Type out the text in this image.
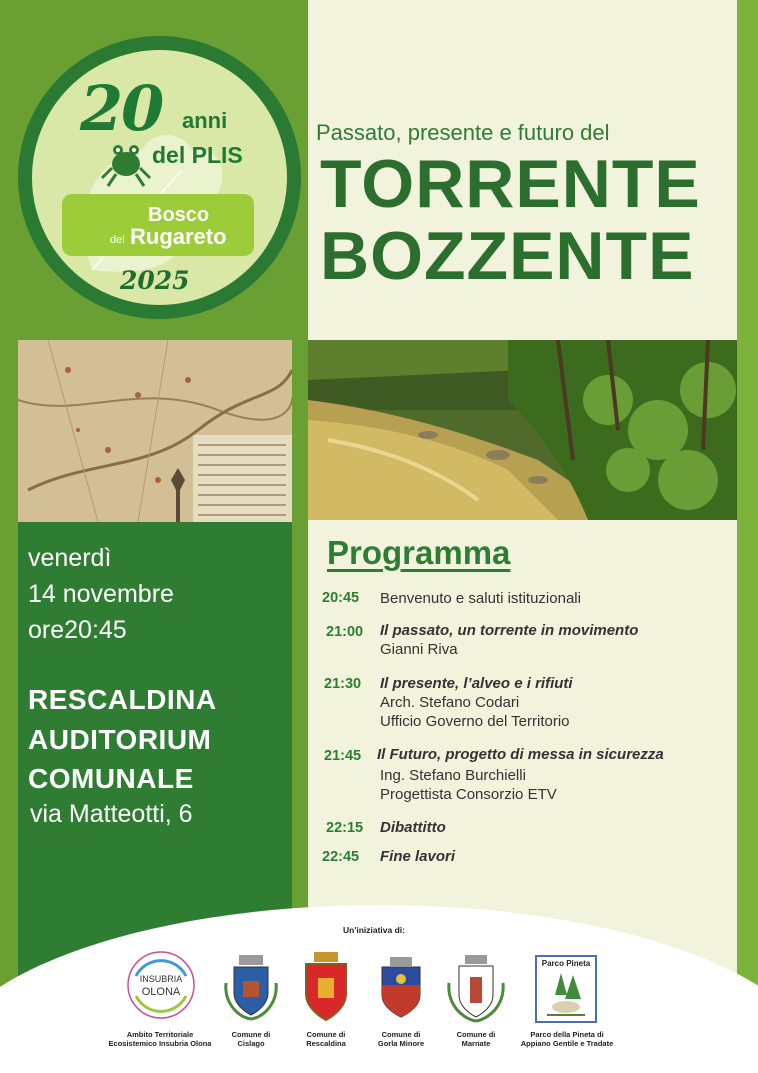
20 anni
del PLIS
Bosco
del Rugareto
2025
Passato, presente e futuro del
TORRENTE
BOZZENTE
venerdì
14 novembre
ore20:45
RESCALDINA
AUDITORIUM
COMUNALE
via Matteotti, 6
Programma
20:45 Benvenuto e saluti istituzionali
21:00 Il passato, un torrente in movimento
Gianni Riva
21:30 Il presente, l’alveo e i rifiuti
Arch. Stefano Codari
Ufficio Governo del Territorio
21:45 Il Futuro, progetto di messa in sicurezza
Ing. Stefano Burchielli
Progettista Consorzio ETV
22:15 Dibattitto
22:45 Fine lavori
Un'iniziativa di:
INSUBRIA
OLONA
Parco Pineta
Ambito Territoriale
Ecosistemico Insubria Olona
Comune di
Cislago
Comune di
Rescaldina
Comune di
Gorla Minore
Comune di
Marnate
Parco della Pineta di
Appiano Gentile e Tradate
